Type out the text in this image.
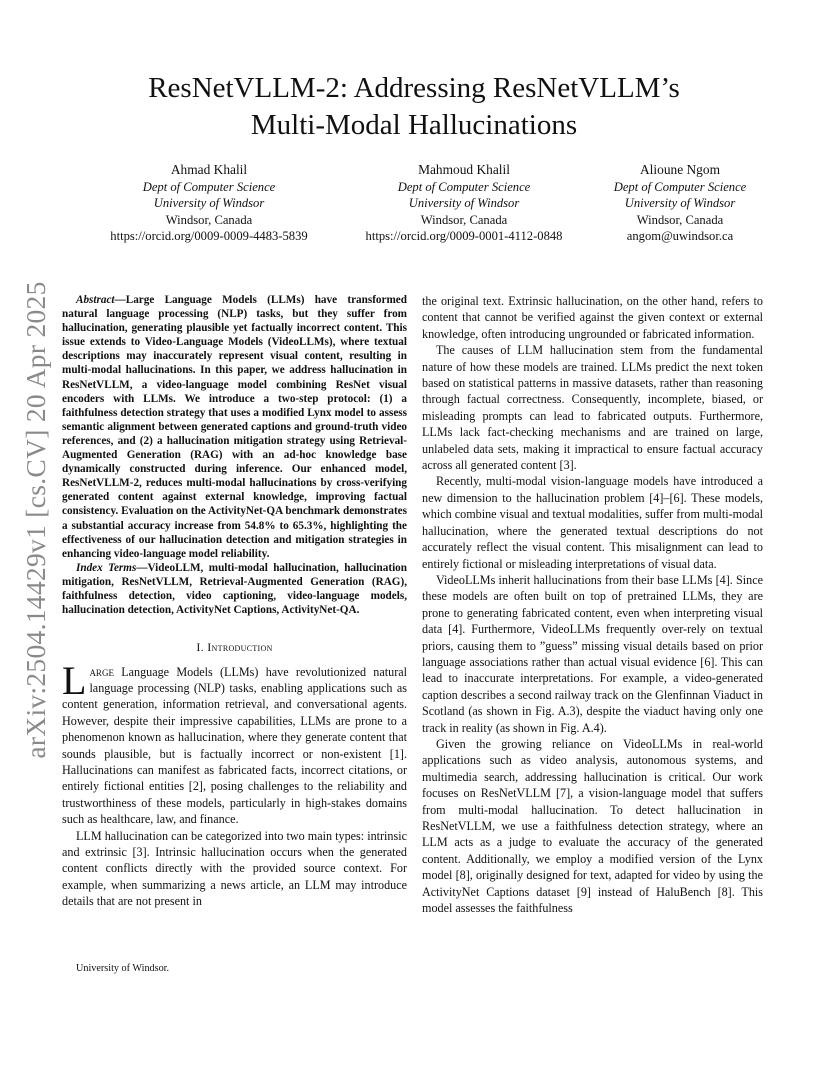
arXiv:2504.14429v1 [cs.CV] 20 Apr 2025
ResNetVLLM-2: Addressing ResNetVLLM’s
Multi-Modal Hallucinations
Ahmad Khalil
Dept of Computer Science
University of Windsor
Windsor, Canada
https://orcid.org/0009-0009-4483-5839
Mahmoud Khalil
Dept of Computer Science
University of Windsor
Windsor, Canada
https://orcid.org/0009-0001-4112-0848
Alioune Ngom
Dept of Computer Science
University of Windsor
Windsor, Canada
angom@uwindsor.ca

Abstract—Large Language Models (LLMs) have transformed natural language processing (NLP) tasks, but they suffer from hallucination, generating plausible yet factually incorrect content. This issue extends to Video-Language Models (VideoLLMs), where textual descriptions may inaccurately represent visual content, resulting in multi-modal hallucinations. In this paper, we address hallucination in ResNetVLLM, a video-language model combining ResNet visual encoders with LLMs. We introduce a two-step protocol: (1) a faithfulness detection strategy that uses a modified Lynx model to assess semantic alignment between generated captions and ground-truth video references, and (2) a hallucination mitigation strategy using Retrieval-Augmented Generation (RAG) with an ad-hoc knowledge base dynamically constructed during inference. Our enhanced model, ResNetVLLM-2, reduces multi-modal hallucinations by cross-verifying generated content against external knowledge, improving factual consistency. Evaluation on the ActivityNet-QA benchmark demonstrates a substantial accuracy increase from 54.8% to 65.3%, highlighting the effectiveness of our hallucination detection and mitigation strategies in enhancing video-language model reliability.

Index Terms—VideoLLM, multi-modal hallucination, hallucination mitigation, ResNetVLLM, Retrieval-Augmented Generation (RAG), faithfulness detection, video captioning, video-language models, hallucination detection, ActivityNet Captions, ActivityNet-QA.

I. Introduction

Large Language Models (LLMs) have revolutionized natural language processing (NLP) tasks, enabling applications such as content generation, information retrieval, and conversational agents. However, despite their impressive capabilities, LLMs are prone to a phenomenon known as hallucination, where they generate content that sounds plausible, but is factually incorrect or non-existent [1]. Hallucinations can manifest as fabricated facts, incorrect citations, or entirely fictional entities [2], posing challenges to the reliability and trustworthiness of these models, particularly in high-stakes domains such as healthcare, law, and finance.

LLM hallucination can be categorized into two main types: intrinsic and extrinsic [3]. Intrinsic hallucination occurs when the generated content conflicts directly with the provided source context. For example, when summarizing a news article, an LLM may introduce details that are not present in

University of Windsor.

the original text. Extrinsic hallucination, on the other hand, refers to content that cannot be verified against the given context or external knowledge, often introducing ungrounded or fabricated information.

The causes of LLM hallucination stem from the fundamental nature of how these models are trained. LLMs predict the next token based on statistical patterns in massive datasets, rather than reasoning through factual correctness. Consequently, incomplete, biased, or misleading prompts can lead to fabricated outputs. Furthermore, LLMs lack fact-checking mechanisms and are trained on large, unlabeled data sets, making it impractical to ensure factual accuracy across all generated content [3].

Recently, multi-modal vision-language models have introduced a new dimension to the hallucination problem [4]–[6]. These models, which combine visual and textual modalities, suffer from multi-modal hallucination, where the generated textual descriptions do not accurately reflect the visual content. This misalignment can lead to entirely fictional or misleading interpretations of visual data.

VideoLLMs inherit hallucinations from their base LLMs [4]. Since these models are often built on top of pretrained LLMs, they are prone to generating fabricated content, even when interpreting visual data [4]. Furthermore, VideoLLMs frequently over-rely on textual priors, causing them to ”guess” missing visual details based on prior language associations rather than actual visual evidence [6]. This can lead to inaccurate interpretations. For example, a video-generated caption describes a second railway track on the Glenfinnan Viaduct in Scotland (as shown in Fig. A.3), despite the viaduct having only one track in reality (as shown in Fig. A.4).

Given the growing reliance on VideoLLMs in real-world applications such as video analysis, autonomous systems, and multimedia search, addressing hallucination is critical. Our work focuses on ResNetVLLM [7], a vision-language model that suffers from multi-modal hallucination. To detect hallucination in ResNetVLLM, we use a faithfulness detection strategy, where an LLM acts as a judge to evaluate the accuracy of the generated content. Additionally, we employ a modified version of the Lynx model [8], originally designed for text, adapted for video by using the ActivityNet Captions dataset [9] instead of HaluBench [8]. This model assesses the faithfulness
